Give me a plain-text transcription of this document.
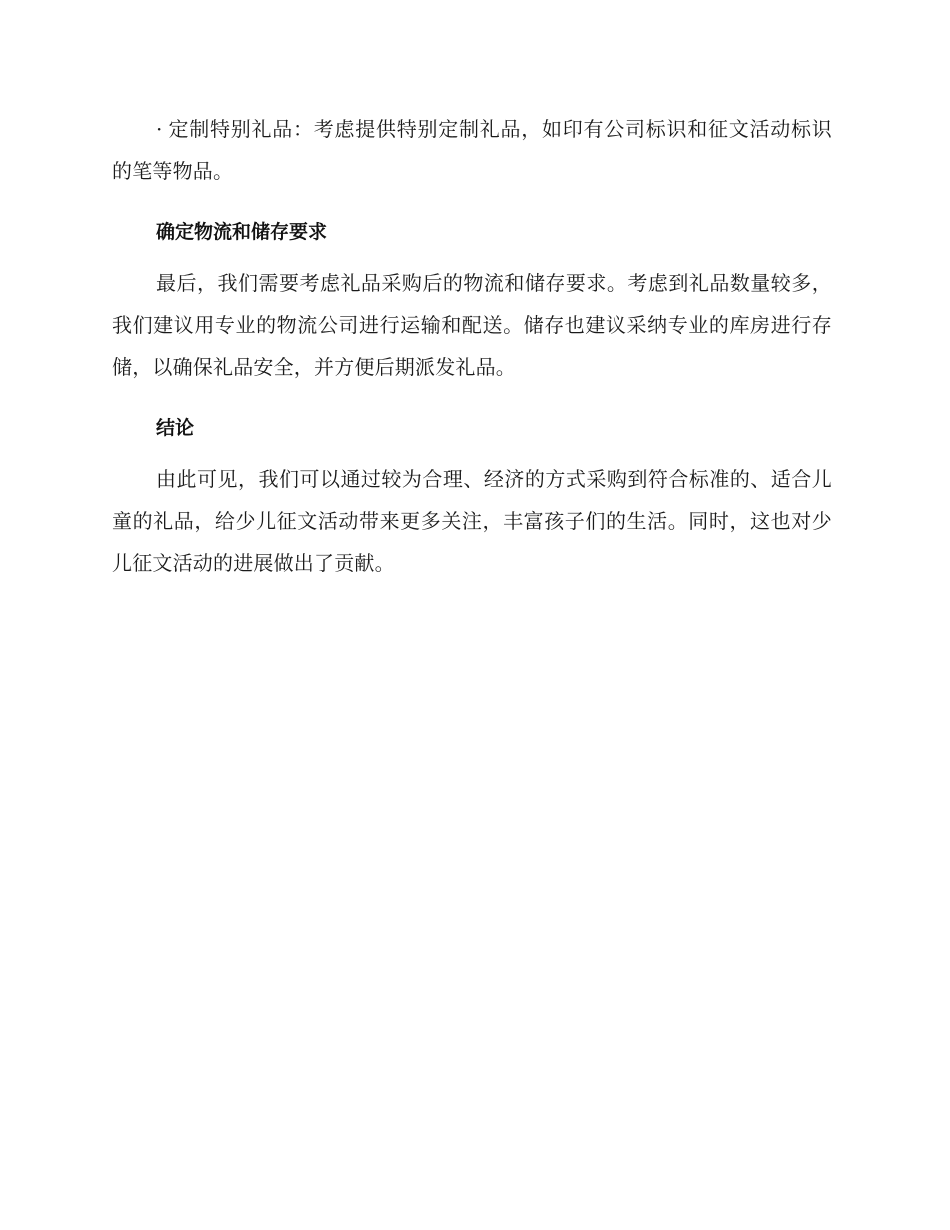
· 定制特别礼品：考虑提供特别定制礼品，如印有公司标识和征文活动标识的笔等物品。

确定物流和储存要求

最后，我们需要考虑礼品采购后的物流和储存要求。考虑到礼品数量较多，我们建议用专业的物流公司进行运输和配送。储存也建议采纳专业的库房进行存储，以确保礼品安全，并方便后期派发礼品。

结论

由此可见，我们可以通过较为合理、经济的方式采购到符合标准的、适合儿童的礼品，给少儿征文活动带来更多关注，丰富孩子们的生活。同时，这也对少儿征文活动的进展做出了贡献。
